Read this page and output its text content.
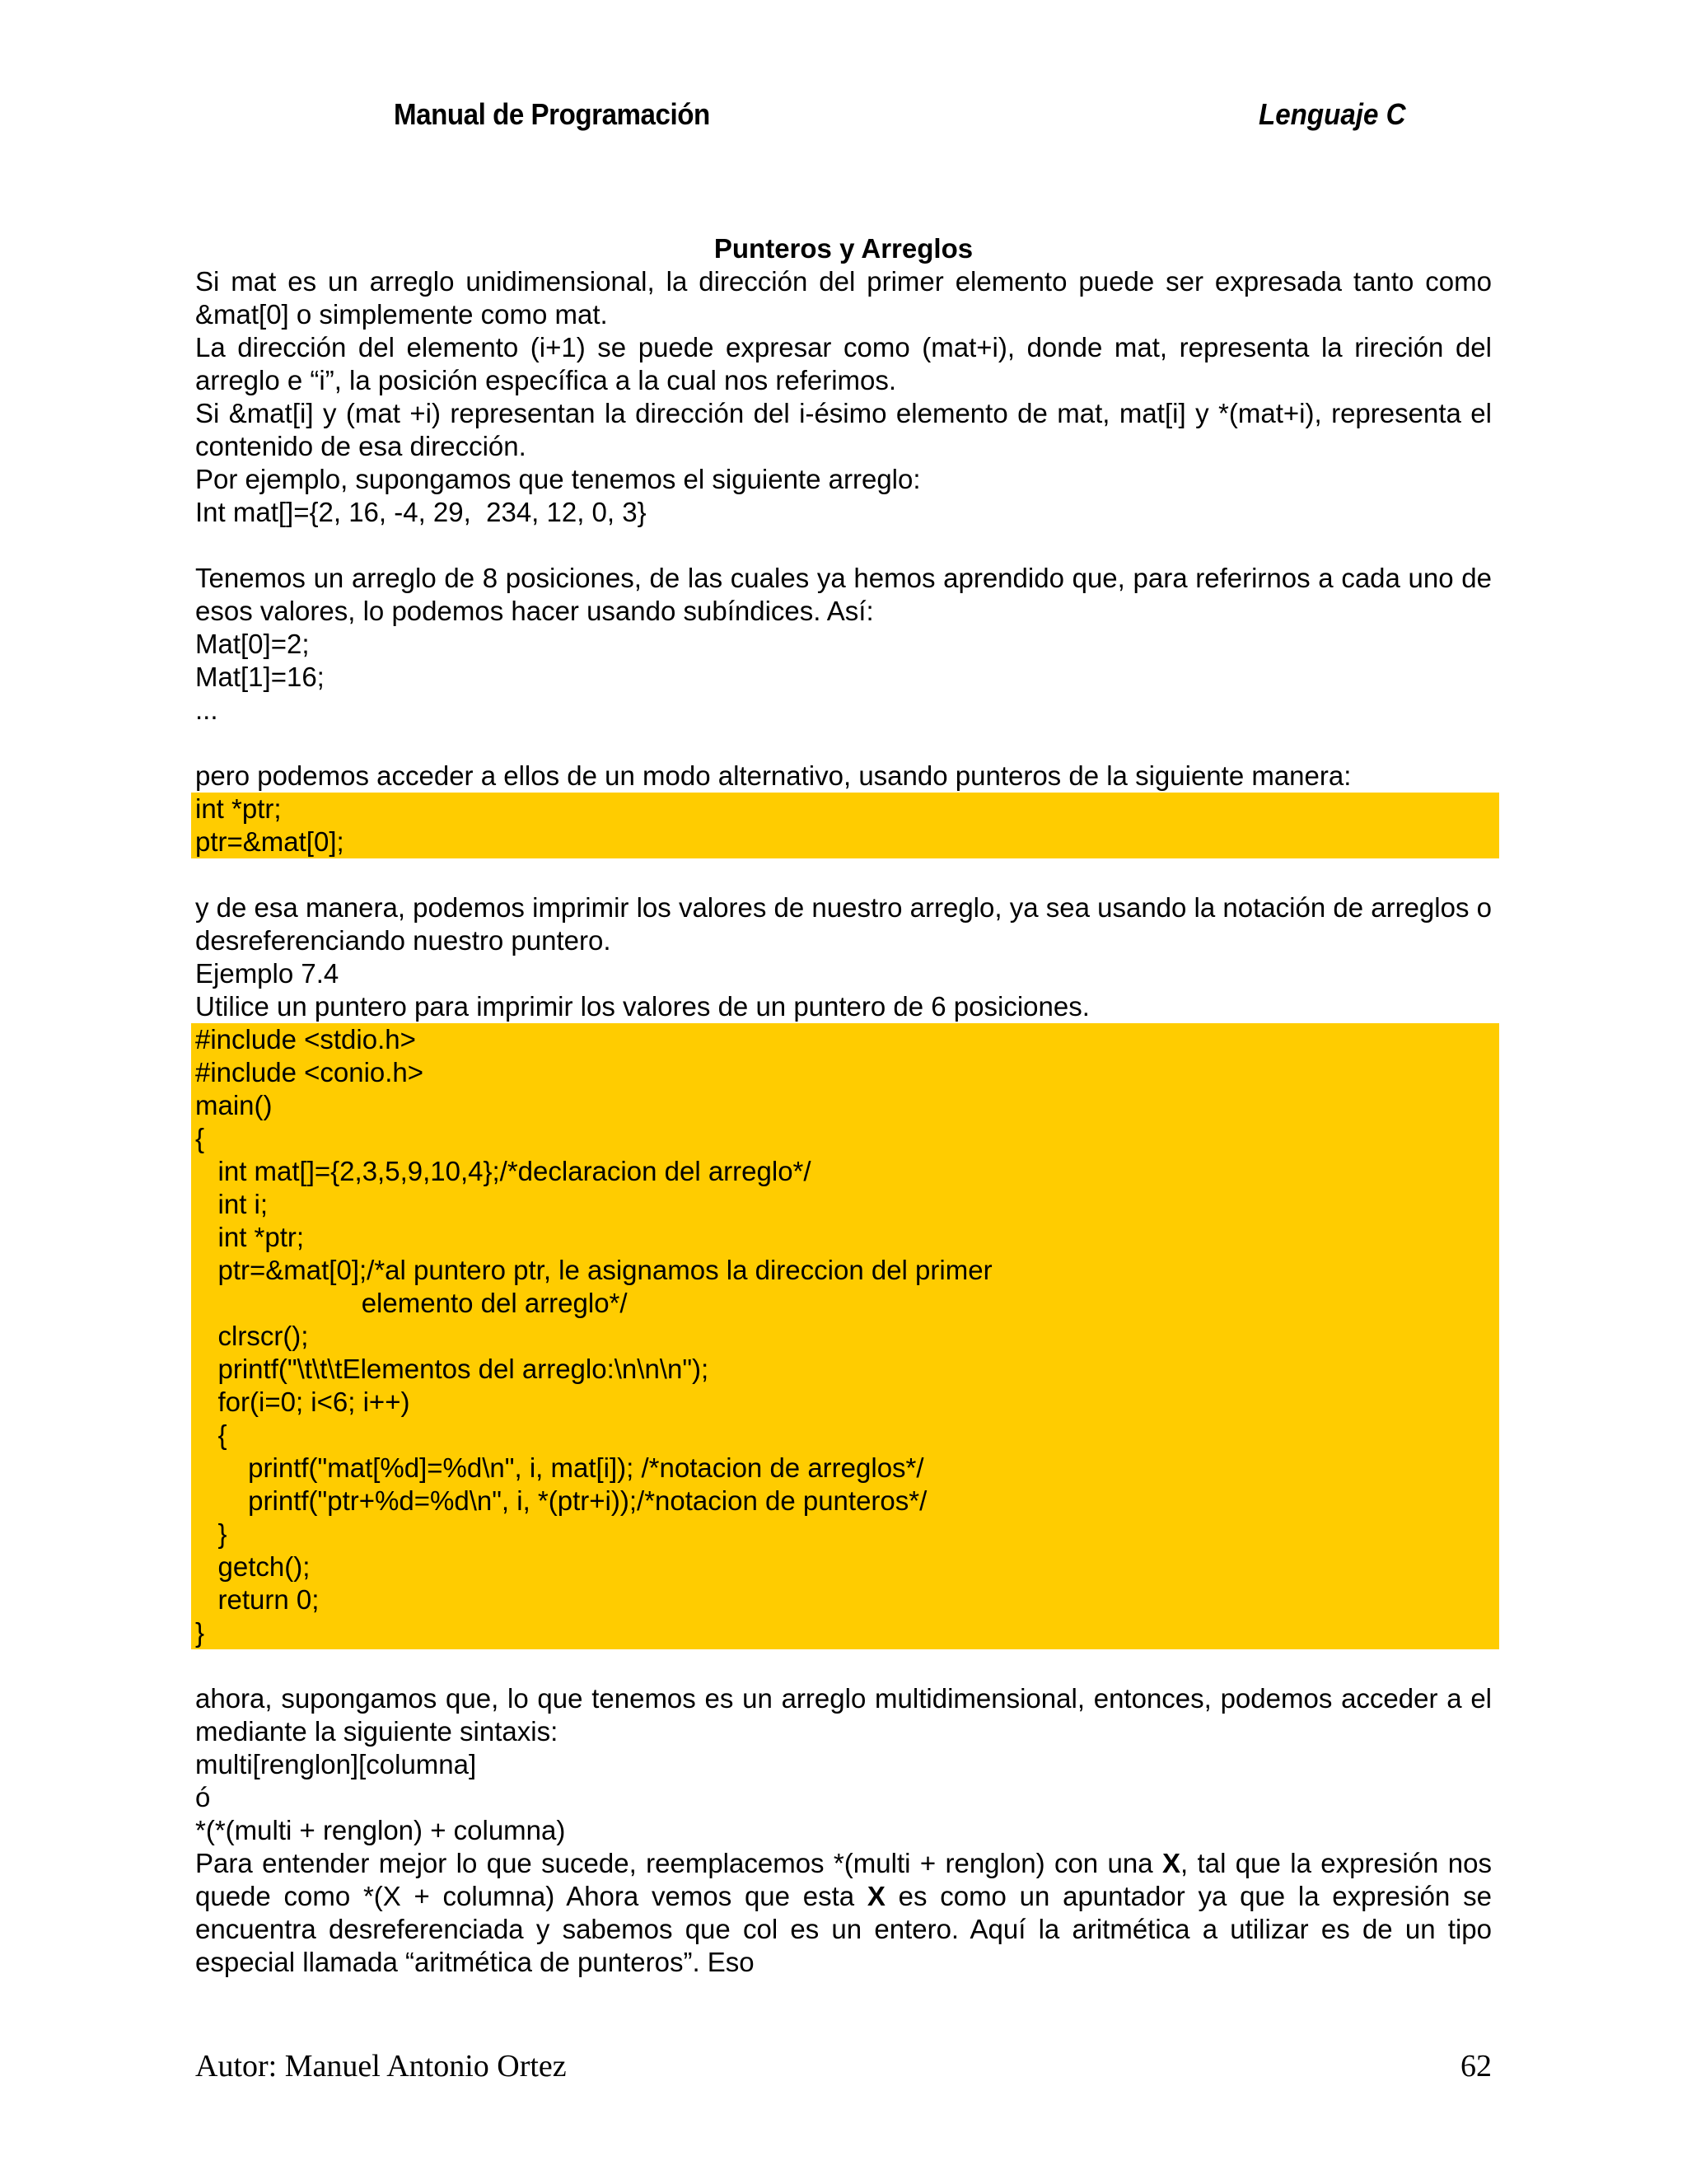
Manual de Programación	Lenguaje C
Punteros y Arreglos
Si mat es un arreglo unidimensional, la dirección del primer elemento puede ser expresada tanto como &mat[0] o simplemente como mat.
La dirección del elemento (i+1) se puede expresar como (mat+i), donde mat, representa la rireción del arreglo e “i”, la posición específica a la cual nos referimos.
Si &mat[i] y (mat +i) representan la dirección del i-ésimo elemento de mat, mat[i] y *(mat+i), representa el contenido de esa dirección.
Por ejemplo, supongamos que tenemos el siguiente arreglo:
Int mat[]={2, 16, -4, 29,  234, 12, 0, 3}
Tenemos un arreglo de 8 posiciones, de las cuales ya hemos aprendido que, para referirnos a cada uno de esos valores, lo podemos hacer usando subíndices. Así:
Mat[0]=2;
Mat[1]=16;
...
pero podemos acceder a ellos de un modo alternativo, usando punteros de la siguiente manera:
int *ptr;
ptr=&mat[0];
y de esa manera, podemos imprimir los valores de nuestro arreglo, ya sea usando la notación de arreglos o desreferenciando nuestro puntero.
Ejemplo 7.4
Utilice un puntero para imprimir los valores de un puntero de 6 posiciones.
#include <stdio.h>
#include <conio.h>
main()
{
int mat[]={2,3,5,9,10,4};/*declaracion del arreglo*/
int i;
int *ptr;
ptr=&mat[0];/*al puntero ptr, le asignamos la direccion del primer
elemento del arreglo*/
clrscr();
printf("\t\t\tElementos del arreglo:\n\n\n");
for(i=0; i<6; i++)
{
printf("mat[%d]=%d\n", i, mat[i]); /*notacion de arreglos*/
printf("ptr+%d=%d\n", i, *(ptr+i));/*notacion de punteros*/
}
getch();
return 0;
}
ahora, supongamos que, lo que tenemos es un arreglo multidimensional, entonces, podemos acceder a el mediante la siguiente sintaxis:
multi[renglon][columna]
ó
*(*(multi + renglon) + columna)
Para entender mejor lo que sucede, reemplacemos *(multi + renglon) con una X, tal que la expresión nos quede como *(X + columna) Ahora vemos que esta X es como un apuntador ya que la expresión se encuentra desreferenciada y sabemos que col es un entero. Aquí la aritmética a utilizar es de un tipo especial llamada “aritmética de punteros”. Eso
Autor: Manuel Antonio Ortez	62
